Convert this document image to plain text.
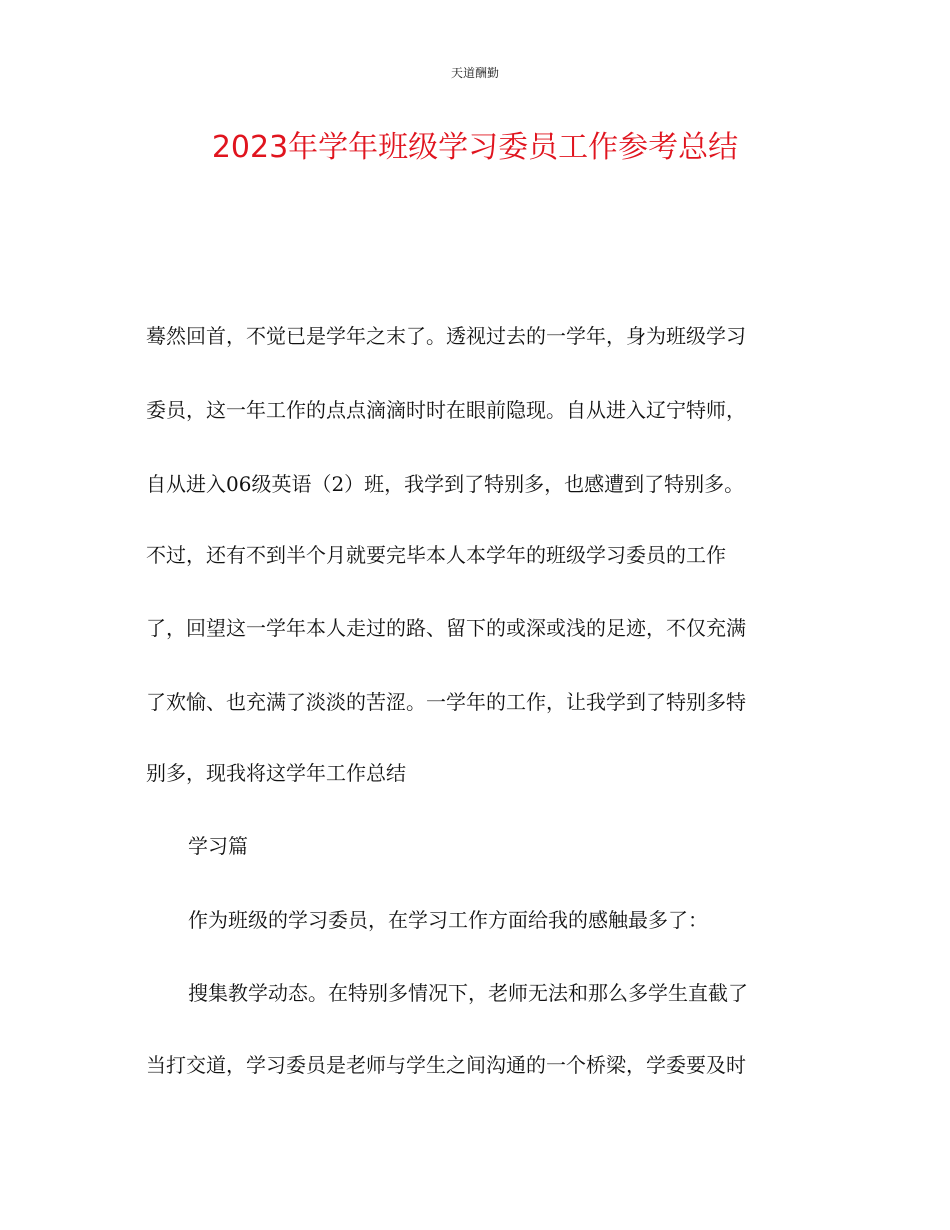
天道酬勤
2023年学年班级学习委员工作参考总结
蓦然回首，不觉已是学年之末了。透视过去的一学年，身为班级学习
委员，这一年工作的点点滴滴时时在眼前隐现。自从进入辽宁特师，
自从进入06级英语（2）班，我学到了特别多，也感遭到了特别多。
不过，还有不到半个月就要完毕本人本学年的班级学习委员的工作
了，回望这一学年本人走过的路、留下的或深或浅的足迹，不仅充满
了欢愉、也充满了淡淡的苦涩。一学年的工作，让我学到了特别多特
别多，现我将这学年工作总结
学习篇
作为班级的学习委员，在学习工作方面给我的感触最多了：
搜集教学动态。在特别多情况下，老师无法和那么多学生直截了
当打交道，学习委员是老师与学生之间沟通的一个桥梁，学委要及时
